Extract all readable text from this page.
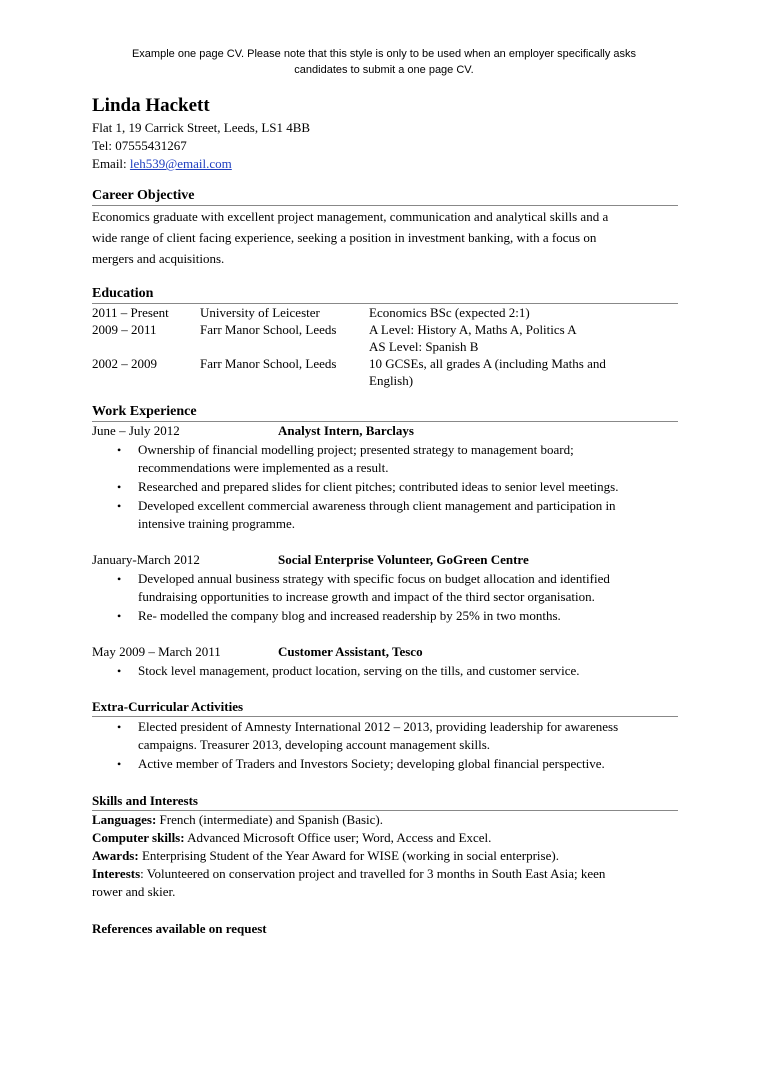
Example one page CV. Please note that this style is only to be used when an employer specifically asks
candidates to submit a one page CV.
Linda Hackett
Flat 1, 19 Carrick Street, Leeds, LS1 4BB
Tel: 07555431267
Email: leh539@email.com
Career Objective
Economics graduate with excellent project management, communication and analytical skills and a
wide range of client facing experience, seeking a position in investment banking, with a focus on
mergers and acquisitions.
Education
2011 – Present	University of Leicester	Economics BSc (expected 2:1)
2009 – 2011	Farr Manor School, Leeds	A Level: History A, Maths A, Politics A
AS Level: Spanish B
2002 – 2009	Farr Manor School, Leeds	10 GCSEs, all grades A (including Maths and
English)
Work Experience
June – July 2012	Analyst Intern, Barclays
• Ownership of financial modelling project; presented strategy to management board;
recommendations were implemented as a result.
• Researched and prepared slides for client pitches; contributed ideas to senior level meetings.
• Developed excellent commercial awareness through client management and participation in
intensive training programme.
January-March 2012	Social Enterprise Volunteer, GoGreen Centre
• Developed annual business strategy with specific focus on budget allocation and identified
fundraising opportunities to increase growth and impact of the third sector organisation.
• Re- modelled the company blog and increased readership by 25% in two months.
May 2009 – March 2011	Customer Assistant, Tesco
• Stock level management, product location, serving on the tills, and customer service.
Extra-Curricular Activities
• Elected president of Amnesty International 2012 – 2013, providing leadership for awareness
campaigns. Treasurer 2013, developing account management skills.
• Active member of Traders and Investors Society; developing global financial perspective.
Skills and Interests
Languages: French (intermediate) and Spanish (Basic).
Computer skills: Advanced Microsoft Office user; Word, Access and Excel.
Awards: Enterprising Student of the Year Award for WISE (working in social enterprise).
Interests: Volunteered on conservation project and travelled for 3 months in South East Asia; keen
rower and skier.
References available on request
